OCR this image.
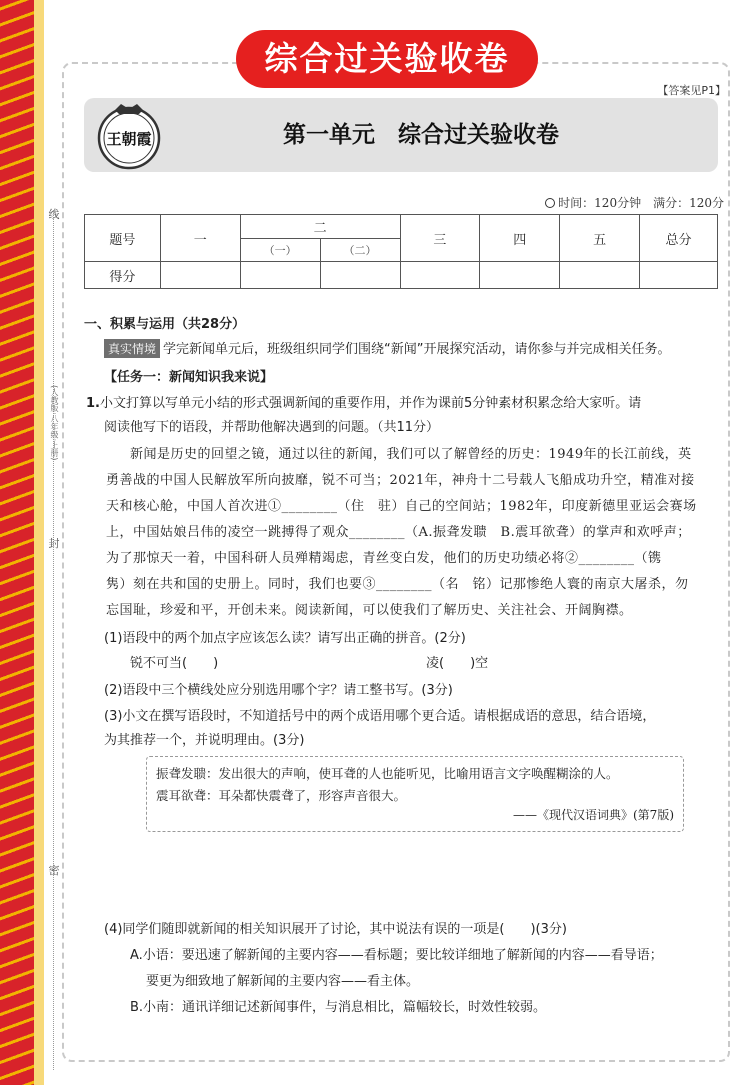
线
封
密
(人教版·八年级·上册)
综合过关验收卷
【答案见P1】
王朝霞	第一单元　综合过关验收卷
时间：120分钟　 满分：120分
题号	一	二		三	四	五	总分
		（一）	（二）				
得分							
一、积累与运用（共28分）
真实情境 学完新闻单元后，班级组织同学们围绕“新闻”开展探究活动，请你参与并完成相关任务。
【任务一：新闻知识我来说】
1.小文打算以写单元小结的形式强调新闻的重要作用，并作为课前5分钟素材积累念给大家听。请
阅读他写下的语段，并帮助他解决遇到的问题。（共11分）
新闻是历史的回望之镜，通过以往的新闻，我们可以了解曾经的历史：1949年的长江前线，英
勇善战的中国人民解放军所向披靡，锐不可当；2021年，神舟十二号载人飞船成功升空，精准对接
天和核心舱，中国人首次进①________（住　驻）自己的空间站；1982年，印度新德里亚运会赛场
上，中国姑娘吕伟的凌空一跳搏得了观众________（A.振聋发聩　B.震耳欲聋）的掌声和欢呼声；
为了那惊天一着，中国科研人员殚精竭虑，青丝变白发，他们的历史功绩必将②________（镌
隽）刻在共和国的史册上。同时，我们也要③________（名　铭）记那惨绝人寰的南京大屠杀，勿
忘国耻，珍爱和平，开创未来。阅读新闻，可以使我们了解历史、关注社会、开阔胸襟。
(1)语段中的两个加点字应该怎么读？请写出正确的拼音。(2分)
锐不可当(　　)	凌(　　)空
(2)语段中三个横线处应分别选用哪个字？请工整书写。(3分)
(3)小文在撰写语段时，不知道括号中的两个成语用哪个更合适。请根据成语的意思，结合语境，
为其推荐一个，并说明理由。(3分)
振聋发聩：发出很大的声响，使耳聋的人也能听见，比喻用语言文字唤醒糊涂的人。
震耳欲聋：耳朵都快震聋了，形容声音很大。
——《现代汉语词典》(第7版)
(4)同学们随即就新闻的相关知识展开了讨论，其中说法有误的一项是(　　)(3分)
A.小语：要迅速了解新闻的主要内容——看标题；要比较详细地了解新闻的内容——看导语；
要更为细致地了解新闻的主要内容——看主体。
B.小南：通讯详细记述新闻事件，与消息相比，篇幅较长，时效性较弱。
